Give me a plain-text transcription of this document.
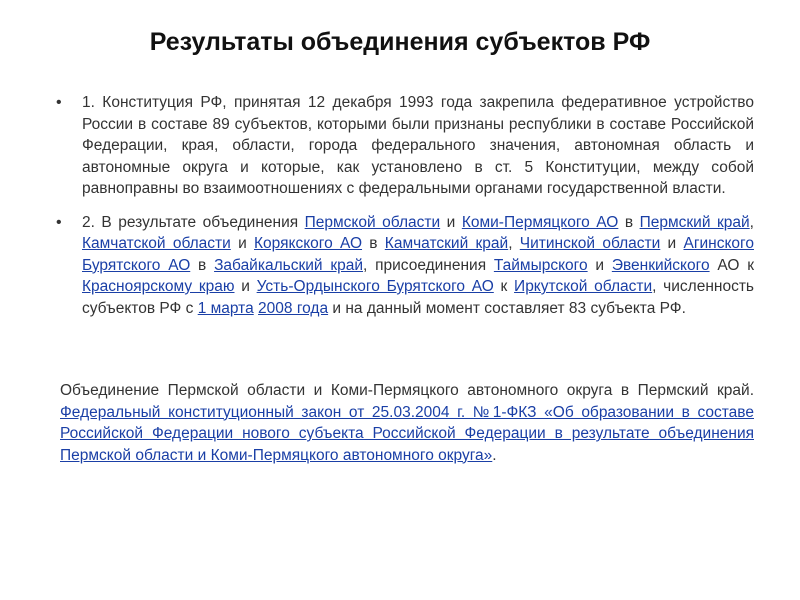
Результаты объединения субъектов РФ
• 1. Конституция РФ, принятая 12 декабря 1993 года закрепила федеративное устройство России в составе 89 субъектов, которыми были признаны республики в составе Российской Федерации, края, области, города федерального значения, автономная область и автономные округа и которые, как установлено в ст. 5 Конституции, между собой равноправны во взаимоотношениях с федеральными органами государственной власти.
• 2. В результате объединения Пермской области и Коми-Пермяцкого АО в Пермский край, Камчатской области и Корякского АО в Камчатский край, Читинской области и Агинского Бурятского АО в Забайкальский край, присоединения Таймырского и Эвенкийского АО к Красноярскому краю и Усть-Ордынского Бурятского АО к Иркутской области, численность субъектов РФ с 1 марта 2008 года и на данный момент составляет 83 субъекта РФ.
Объединение Пермской области и Коми-Пермяцкого автономного округа в Пермский край. Федеральный конституционный закон от 25.03.2004 г. №1-ФКЗ «Об образовании в составе Российской Федерации нового субъекта Российской Федерации в результате объединения Пермской области и Коми-Пермяцкого автономного округа».
